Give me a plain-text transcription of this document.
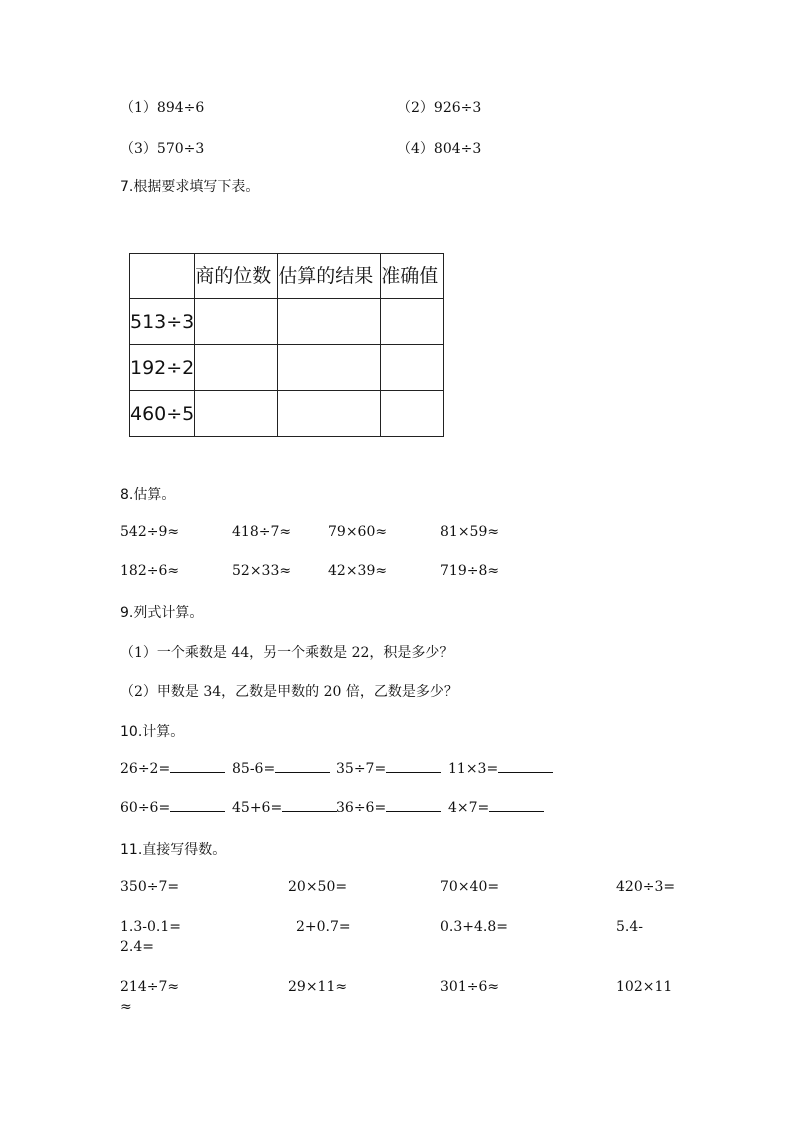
（1）894÷6	（2）926÷3
（3）570÷3	（4）804÷3
7.根据要求填写下表。
	商的位数	估算的结果	准确值
513÷3			
192÷2			
460÷5			
8.估算。
542÷9≈	418÷7≈	79×60≈	81×59≈
182÷6≈	52×33≈	42×39≈	719÷8≈
9.列式计算。
（1）一个乘数是 44，另一个乘数是 22，积是多少？
（2）甲数是 34，乙数是甲数的 20 倍，乙数是多少？
10.计算。
26÷2=	85-6=	35÷7=	11×3=
60÷6=	45+6=	36÷6=	4×7=
11.直接写得数。
350÷7=	20×50=	70×40=	420÷3=
1.3-0.1=	2+0.7=	0.3+4.8=	5.4-
2.4=
214÷7≈	29×11≈	301÷6≈	102×11
≈
